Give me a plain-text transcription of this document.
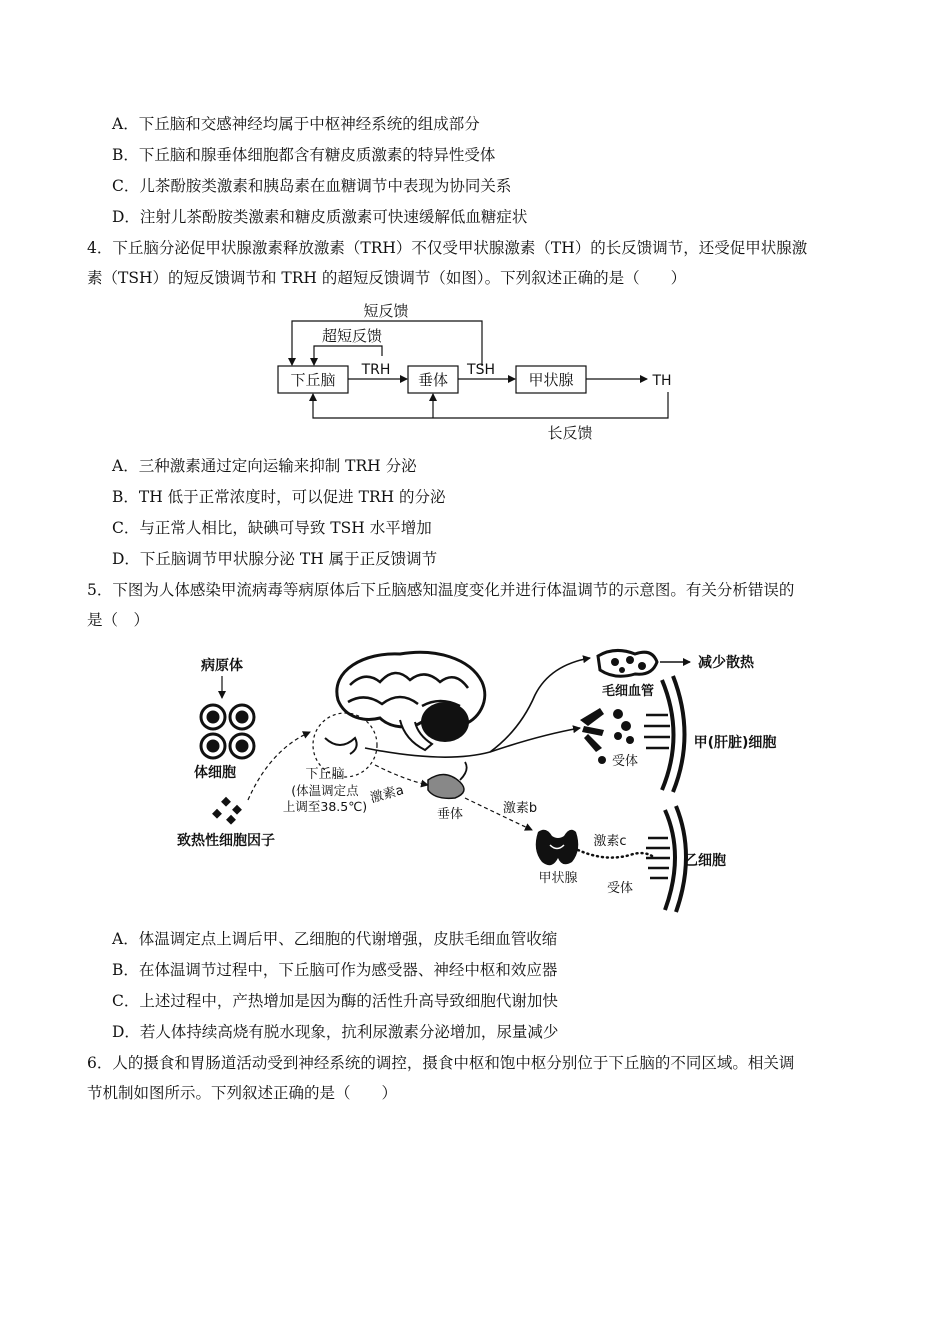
A．下丘脑和交感神经均属于中枢神经系统的组成部分
B．下丘脑和腺垂体细胞都含有糖皮质激素的特异性受体
C．儿茶酚胺类激素和胰岛素在血糖调节中表现为协同关系
D．注射儿茶酚胺类激素和糖皮质激素可快速缓解低血糖症状
4．下丘脑分泌促甲状腺激素释放激素（TRH）不仅受甲状腺激素（TH）的长反馈调节，还受促甲状腺激
素（TSH）的短反馈调节和 TRH 的超短反馈调节（如图）。下列叙述正确的是（　　）
下丘脑	垂体	甲状腺
TRH	TSH
TH
短反馈
超短反馈
长反馈
A．三种激素通过定向运输来抑制 TRH 分泌
B．TH 低于正常浓度时，可以促进 TRH 的分泌
C．与正常人相比，缺碘可导致 TSH 水平增加
D．下丘脑调节甲状腺分泌 TH 属于正反馈调节
5．下图为人体感染甲流病毒等病原体后下丘脑感知温度变化并进行体温调节的示意图。有关分析错误的
是（　）
病原体
体细胞
致热性细胞因子
下丘脑
(体温调定点
上调至38.5℃)
激素a
垂体	激素b
甲状腺
激素c
受体
乙细胞
减少散热
毛细血管
甲(肝脏)细胞
受体
A．体温调定点上调后甲、乙细胞的代谢增强，皮肤毛细血管收缩
B．在体温调节过程中，下丘脑可作为感受器、神经中枢和效应器
C．上述过程中，产热增加是因为酶的活性升高导致细胞代谢加快
D．若人体持续高烧有脱水现象，抗利尿激素分泌增加，尿量减少
6．人的摄食和胃肠道活动受到神经系统的调控，摄食中枢和饱中枢分别位于下丘脑的不同区域。相关调
节机制如图所示。下列叙述正确的是（　　）
